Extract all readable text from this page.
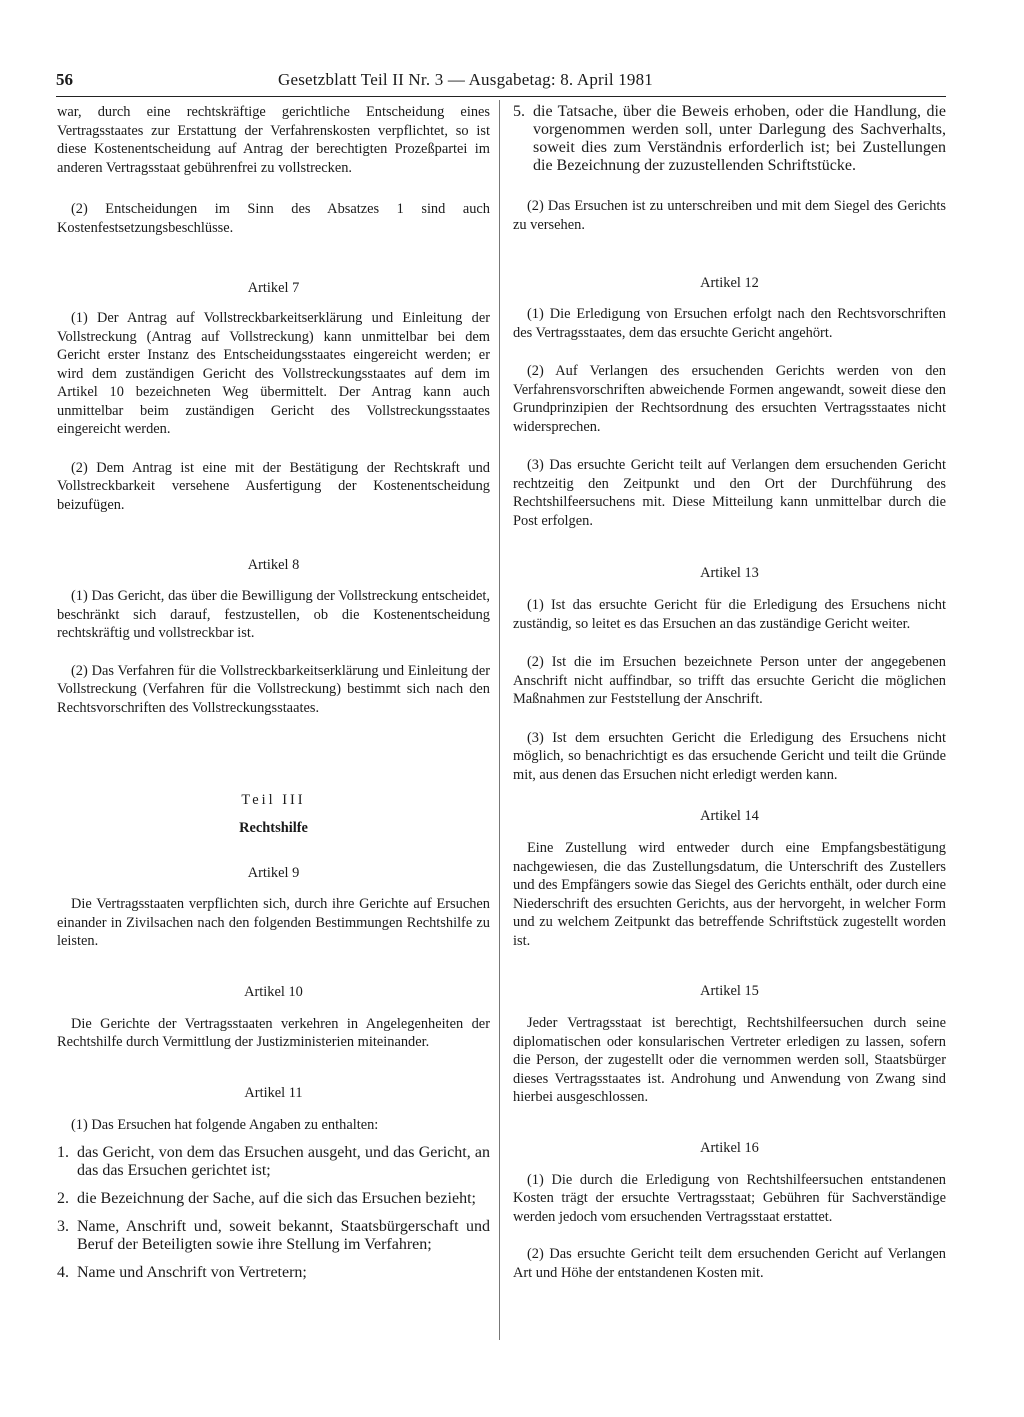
56	Gesetzblatt Teil II Nr. 3 — Ausgabetag: 8. April 1981

war, durch eine rechtskräftige gerichtliche Entscheidung eines Vertragsstaates zur Erstattung der Verfahrenskosten verpflichtet, so ist diese Kostenentscheidung auf Antrag der berechtigten Prozeßpartei im anderen Vertragsstaat gebührenfrei zu vollstrecken.

(2) Entscheidungen im Sinn des Absatzes 1 sind auch Kostenfestsetzungsbeschlüsse.

Artikel 7

(1) Der Antrag auf Vollstreckbarkeitserklärung und Einleitung der Vollstreckung (Antrag auf Vollstreckung) kann unmittelbar bei dem Gericht erster Instanz des Entscheidungsstaates eingereicht werden; er wird dem zuständigen Gericht des Vollstreckungsstaates auf dem im Artikel 10 bezeichneten Weg übermittelt. Der Antrag kann auch unmittelbar beim zuständigen Gericht des Vollstreckungsstaates eingereicht werden.

(2) Dem Antrag ist eine mit der Bestätigung der Rechtskraft und Vollstreckbarkeit versehene Ausfertigung der Kostenentscheidung beizufügen.

Artikel 8

(1) Das Gericht, das über die Bewilligung der Vollstreckung entscheidet, beschränkt sich darauf, festzustellen, ob die Kostenentscheidung rechtskräftig und vollstreckbar ist.

(2) Das Verfahren für die Vollstreckbarkeitserklärung und Einleitung der Vollstreckung (Verfahren für die Vollstreckung) bestimmt sich nach den Rechtsvorschriften des Vollstreckungsstaates.

Teil III

Rechtshilfe

Artikel 9

Die Vertragsstaaten verpflichten sich, durch ihre Gerichte auf Ersuchen einander in Zivilsachen nach den folgenden Bestimmungen Rechtshilfe zu leisten.

Artikel 10

Die Gerichte der Vertragsstaaten verkehren in Angelegenheiten der Rechtshilfe durch Vermittlung der Justizministerien miteinander.

Artikel 11

(1) Das Ersuchen hat folgende Angaben zu enthalten:

1. das Gericht, von dem das Ersuchen ausgeht, und das Gericht, an das das Ersuchen gerichtet ist;
2. die Bezeichnung der Sache, auf die sich das Ersuchen bezieht;
3. Name, Anschrift und, soweit bekannt, Staatsbürgerschaft und Beruf der Beteiligten sowie ihre Stellung im Verfahren;
4. Name und Anschrift von Vertretern;
5. die Tatsache, über die Beweis erhoben, oder die Handlung, die vorgenommen werden soll, unter Darlegung des Sachverhalts, soweit dies zum Verständnis erforderlich ist; bei Zustellungen die Bezeichnung der zuzustellenden Schriftstücke.

(2) Das Ersuchen ist zu unterschreiben und mit dem Siegel des Gerichts zu versehen.

Artikel 12

(1) Die Erledigung von Ersuchen erfolgt nach den Rechtsvorschriften des Vertragsstaates, dem das ersuchte Gericht angehört.

(2) Auf Verlangen des ersuchenden Gerichts werden von den Verfahrensvorschriften abweichende Formen angewandt, soweit diese den Grundprinzipien der Rechtsordnung des ersuchten Vertragsstaates nicht widersprechen.

(3) Das ersuchte Gericht teilt auf Verlangen dem ersuchenden Gericht rechtzeitig den Zeitpunkt und den Ort der Durchführung des Rechtshilfeersuchens mit. Diese Mitteilung kann unmittelbar durch die Post erfolgen.

Artikel 13

(1) Ist das ersuchte Gericht für die Erledigung des Ersuchens nicht zuständig, so leitet es das Ersuchen an das zuständige Gericht weiter.

(2) Ist die im Ersuchen bezeichnete Person unter der angegebenen Anschrift nicht auffindbar, so trifft das ersuchte Gericht die möglichen Maßnahmen zur Feststellung der Anschrift.

(3) Ist dem ersuchten Gericht die Erledigung des Ersuchens nicht möglich, so benachrichtigt es das ersuchende Gericht und teilt die Gründe mit, aus denen das Ersuchen nicht erledigt werden kann.

Artikel 14

Eine Zustellung wird entweder durch eine Empfangsbestätigung nachgewiesen, die das Zustellungsdatum, die Unterschrift des Zustellers und des Empfängers sowie das Siegel des Gerichts enthält, oder durch eine Niederschrift des ersuchten Gerichts, aus der hervorgeht, in welcher Form und zu welchem Zeitpunkt das betreffende Schriftstück zugestellt worden ist.

Artikel 15

Jeder Vertragsstaat ist berechtigt, Rechtshilfeersuchen durch seine diplomatischen oder konsularischen Vertreter erledigen zu lassen, sofern die Person, der zugestellt oder die vernommen werden soll, Staatsbürger dieses Vertragsstaates ist. Androhung und Anwendung von Zwang sind hierbei ausgeschlossen.

Artikel 16

(1) Die durch die Erledigung von Rechtshilfeersuchen entstandenen Kosten trägt der ersuchte Vertragsstaat; Gebühren für Sachverständige werden jedoch vom ersuchenden Vertragsstaat erstattet.

(2) Das ersuchte Gericht teilt dem ersuchenden Gericht auf Verlangen Art und Höhe der entstandenen Kosten mit.
